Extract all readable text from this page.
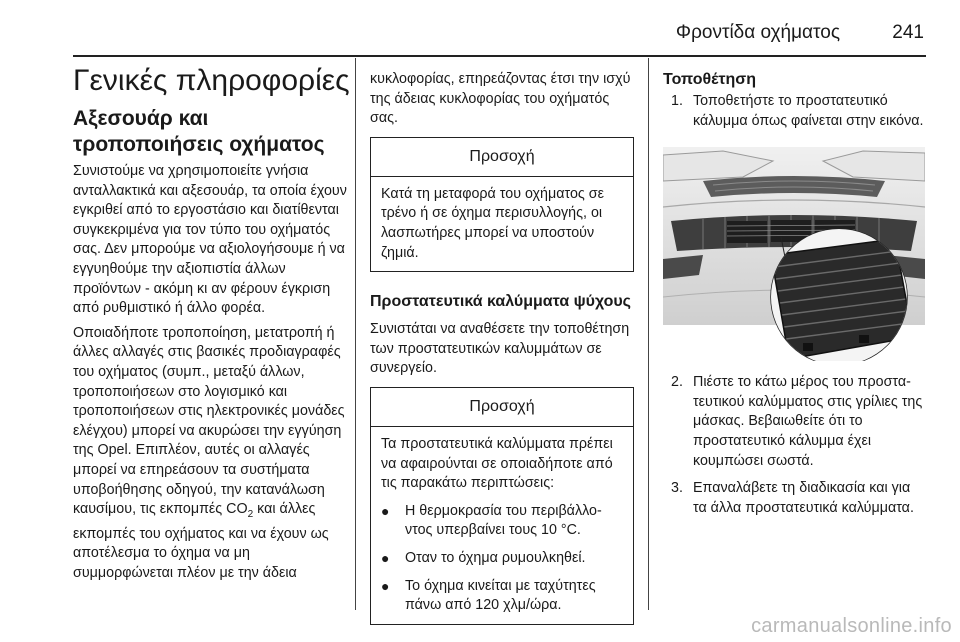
Φροντίδα οχήματος	241
Γενικές πληροφορίες
Αξεσουάρ και
τροποποιήσεις οχήματος

Συνιστούμε να χρησιμοποιείτε γνήσια ανταλλακτικά και αξεσουάρ, τα οποία έχουν εγκριθεί από το εργοστάσιο και διατίθενται συγκεκριμένα για τον τύπο του οχήματός σας. Δεν μπορούμε να αξιολογήσουμε ή να εγγυηθούμε την αξιοπιστία άλλων προϊόντων - ακόμη κι αν φέρουν έγκριση από ρυθμιστικό ή άλλο φορέα.

Οποιαδήποτε τροποποίηση, μετατροπή ή άλλες αλλαγές στις βασικές προδιαγραφές του οχήματος (συμπ., μεταξύ άλλων, τροποποιήσεων στο λογισμικό και τροποποιήσεων στις ηλεκτρονικές μονάδες ελέγχου) μπορεί να ακυρώσει την εγγύηση της Opel. Επιπλέον, αυτές οι αλλαγές μπορεί να επηρεάσουν τα συστήματα υποβοήθησης οδηγού, την κατανάλωση καυσίμου, τις εκπομπές $CO_2$ και άλλες εκπομπές του οχήματος και να έχουν ως αποτέλεσμα το όχημα να μη συμμορφώνεται πλέον με την άδεια

κυκλοφορίας, επηρεάζοντας έτσι την ισχύ της άδειας κυκλοφορίας του οχήματός σας.

Προσοχή
Κατά τη μεταφορά του οχήματος σε τρένο ή σε όχημα περισυλλογής, οι λασπωτήρες μπορεί να υποστούν ζημιά.
Προστατευτικά καλύμματα ψύχους

Συνιστάται να αναθέσετε την τοποθέτηση των προστατευτικών καλυμμάτων σε συνεργείο.

Προσοχή
Τα προστατευτικά καλύμματα πρέπει να αφαιρούνται σε οποιαδήποτε από τις παρακάτω περιπτώσεις:
●	Η θερμοκρασία του περιβάλλοντος υπερβαίνει τους 10 °C.
●	Οταν το όχημα ρυμουλκηθεί.
●	Το όχημα κινείται με ταχύτητες πάνω από 120 χλμ/ώρα.
Τοποθέτηση
1. Τοποθετήστε το προστατευτικό κάλυμμα όπως φαίνεται στην εικόνα.
2. Πιέστε το κάτω μέρος του προστατευτικού καλύμματος στις γρίλιες της μάσκας. Βεβαιωθείτε ότι το προστατευτικό κάλυμμα έχει κουμπώσει σωστά.
3. Επαναλάβετε τη διαδικασία και για τα άλλα προστατευτικά καλύμματα.
carmanualsonline.info
